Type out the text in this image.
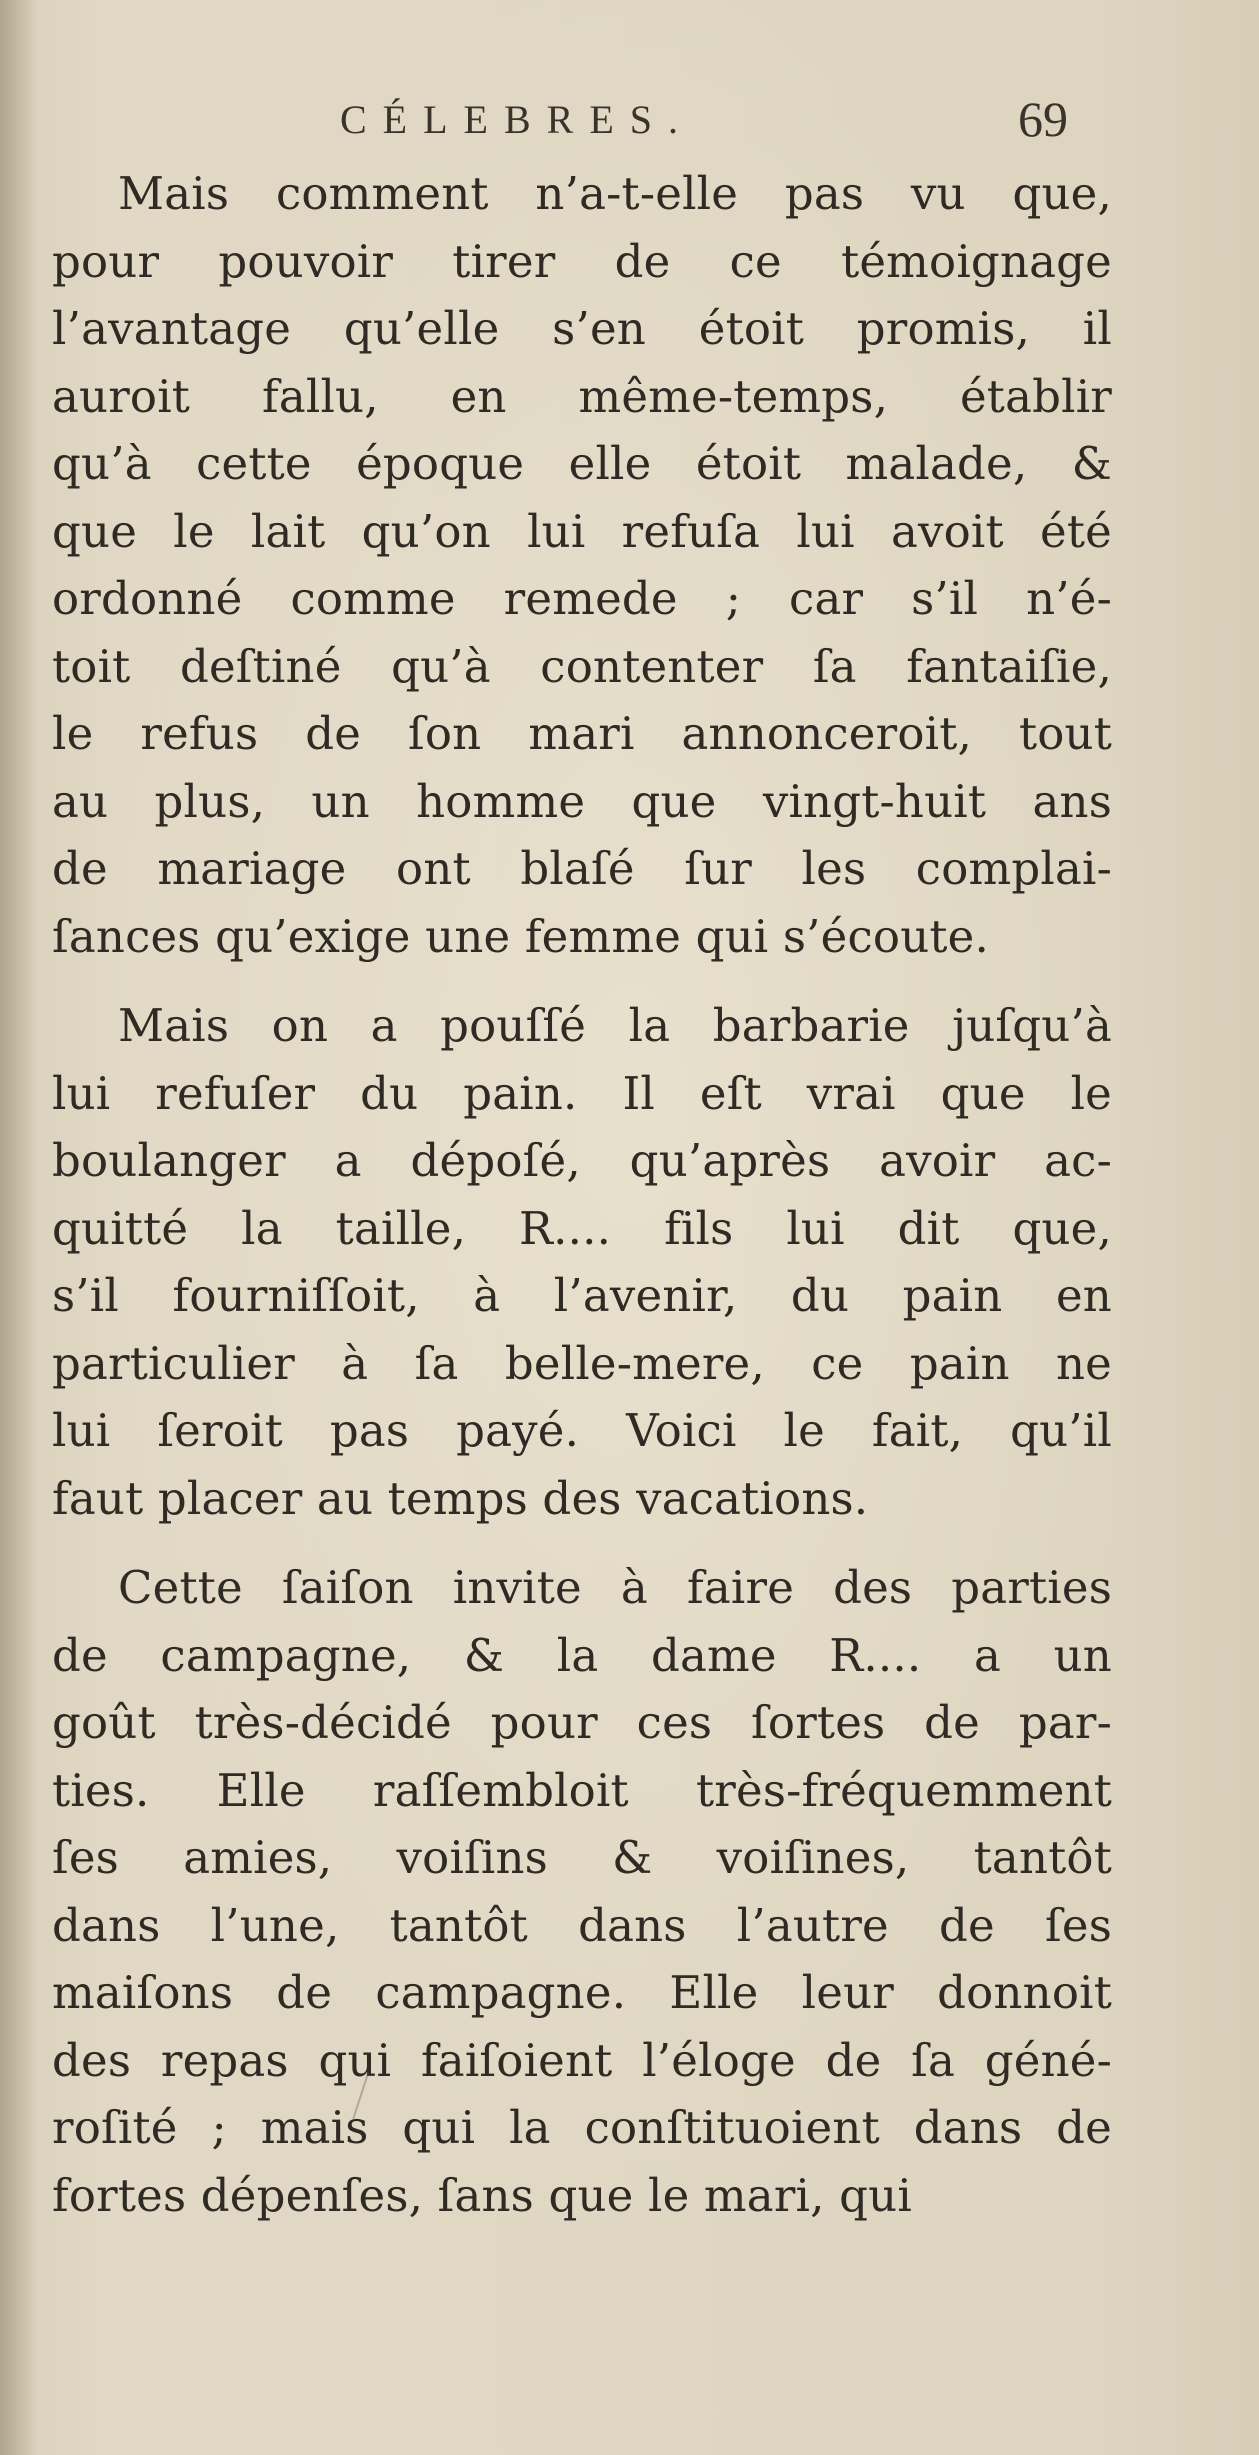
CÉLEBRES.	69
Mais comment n’a-t-elle pas vu que,
pour pouvoir tirer de ce témoignage
l’avantage qu’elle s’en étoit promis, il
auroit fallu, en même-temps, établir
qu’à cette époque elle étoit malade, &
que le lait qu’on lui refuſa lui avoit été
ordonné comme remede ; car s’il n’é-
toit deſtiné qu’à contenter ſa fantaiſie,
le refus de ſon mari annonceroit, tout
au plus, un homme que vingt-huit ans
de mariage ont blaſé ſur les complai-
ſances qu’exige une femme qui s’écoute.
Mais on a pouſſé la barbarie juſqu’à
lui refuſer du pain. Il eſt vrai que le
boulanger a dépoſé, qu’après avoir ac-
quitté la taille, R.... fils lui dit que,
s’il fourniſſoit, à l’avenir, du pain en
particulier à ſa belle-mere, ce pain ne
lui ſeroit pas payé. Voici le fait, qu’il
faut placer au temps des vacations.
Cette ſaiſon invite à faire des parties
de campagne, & la dame R.... a un
goût très-décidé pour ces ſortes de par-
ties. Elle raſſembloit très-fréquemment
ſes amies, voiſins & voiſines, tantôt
dans l’une, tantôt dans l’autre de ſes
maiſons de campagne. Elle leur donnoit
des repas qui faiſoient l’éloge de ſa géné-
roſité ; mais qui la conſtituoient dans de
fortes dépenſes, ſans que le mari, qui
